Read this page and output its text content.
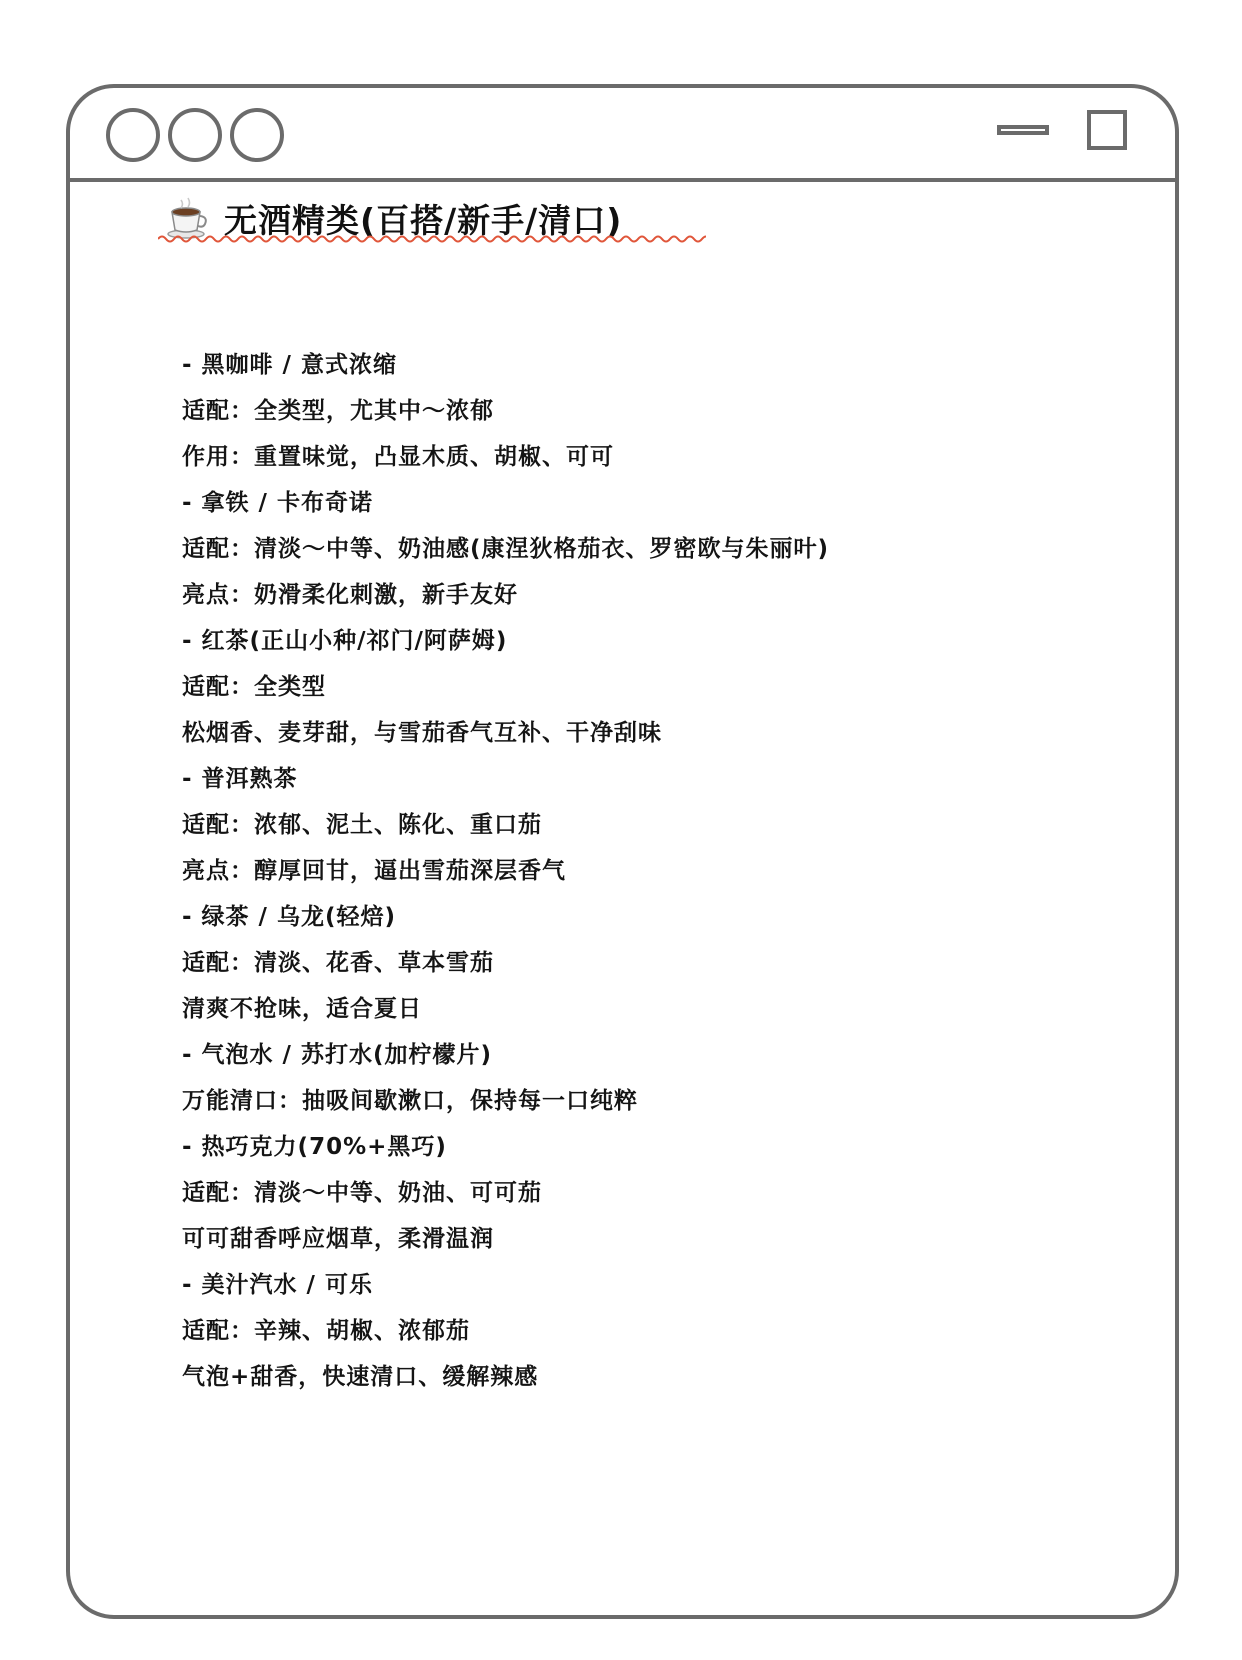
无酒精类(百搭/新手/清口)
- 黑咖啡 / 意式浓缩
适配：全类型，尤其中～浓郁
作用：重置味觉，凸显木质、胡椒、可可
- 拿铁 / 卡布奇诺
适配：清淡～中等、奶油感(康涅狄格茄衣、罗密欧与朱丽叶)
亮点：奶滑柔化刺激，新手友好
- 红茶(正山小种/祁门/阿萨姆)
适配：全类型
松烟香、麦芽甜，与雪茄香气互补、干净刮味
- 普洱熟茶
适配：浓郁、泥土、陈化、重口茄
亮点：醇厚回甘，逼出雪茄深层香气
- 绿茶 / 乌龙(轻焙)
适配：清淡、花香、草本雪茄
清爽不抢味，适合夏日
- 气泡水 / 苏打水(加柠檬片)
万能清口：抽吸间歇漱口，保持每一口纯粹
- 热巧克力(70%+黑巧)
适配：清淡～中等、奶油、可可茄
可可甜香呼应烟草，柔滑温润
- 美汁汽水 / 可乐
适配：辛辣、胡椒、浓郁茄
气泡+甜香，快速清口、缓解辣感
